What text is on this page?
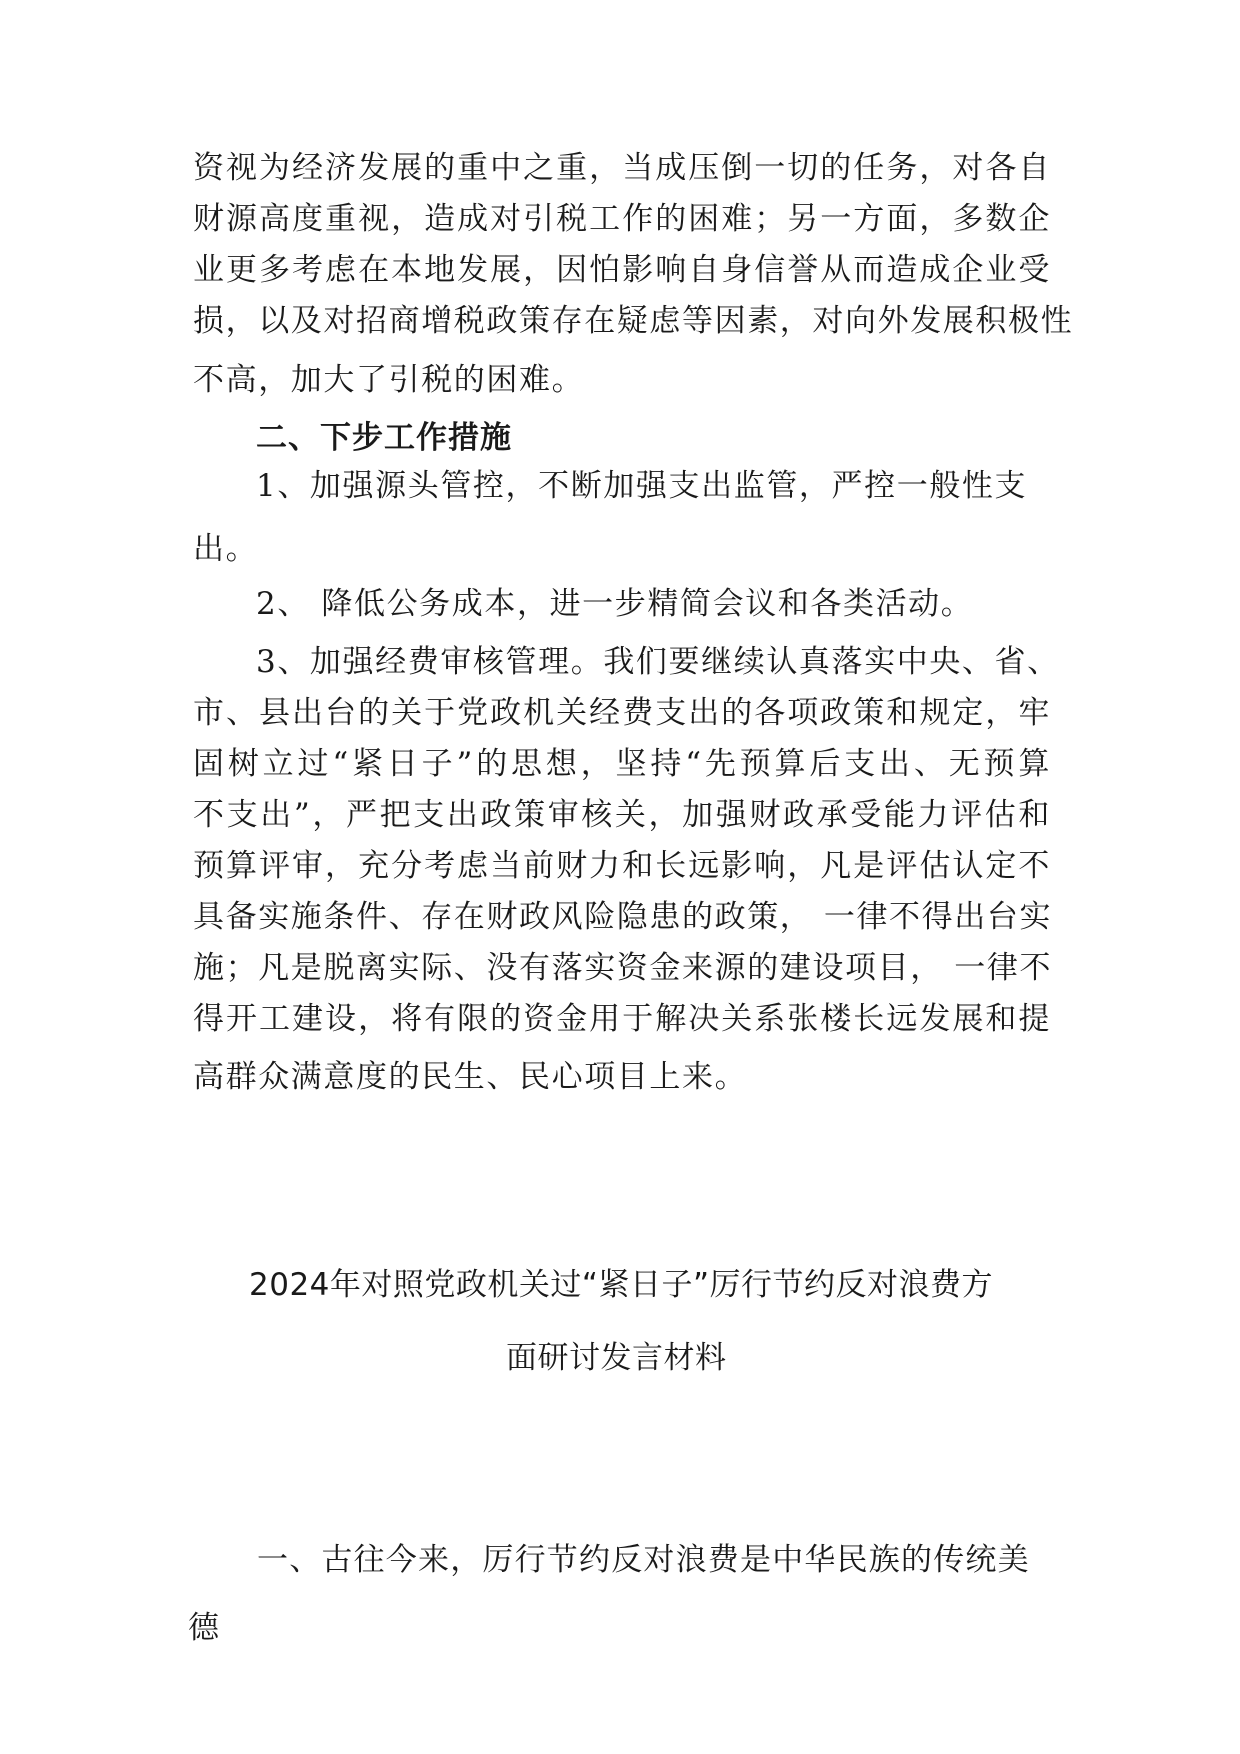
资视为经济发展的重中之重，当成压倒一切的任务，对各自
财源高度重视，造成对引税工作的困难；另一方面，多数企
业更多考虑在本地发展，因怕影响自身信誉从而造成企业受
损，以及对招商增税政策存在疑虑等因素，对向外发展积极性
不高，加大了引税的困难。
二、下步工作措施
1、加强源头管控，不断加强支出监管，严控一般性支
出。
2、 降低公务成本，进一步精简会议和各类活动。
3、加强经费审核管理。我们要继续认真落实中央、省、
市、县出台的关于党政机关经费支出的各项政策和规定，牢
固树立过“紧日子”的思想，坚持“先预算后支出、无预算
不支出”，严把支出政策审核关，加强财政承受能力评估和
预算评审，充分考虑当前财力和长远影响，凡是评估认定不
具备实施条件、存在财政风险隐患的政策， 一律不得出台实
施；凡是脱离实际、没有落实资金来源的建设项目， 一律不
得开工建设，将有限的资金用于解决关系张楼长远发展和提
高群众满意度的民生、民心项目上来。
2024年对照党政机关过“紧日子”厉行节约反对浪费方
面研讨发言材料
一、古往今来，厉行节约反对浪费是中华民族的传统美
德
